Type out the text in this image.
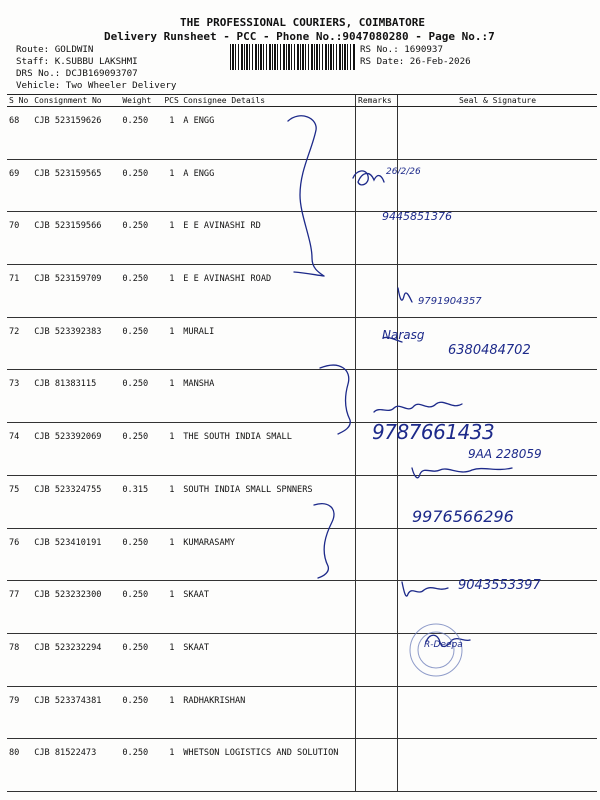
THE PROFESSIONAL COURIERS, COIMBATORE
Delivery Runsheet - PCC - Phone No.:9047080280 - Page No.:7
Route: GOLDWIN
Staff: K.SUBBU LAKSHMI
DRS No.: DCJB169093707
Vehicle: Two Wheeler Delivery
RS No.: 1690937
RS Date: 26-Feb-2026
S No	Consignment No	Weight	PCS	Consignee Details	Remarks	Seal & Signature
68	CJB 523159626	0.250	1	A ENGG		
69	CJB 523159565	0.250	1	A ENGG		
70	CJB 523159566	0.250	1	E E AVINASHI RD		
71	CJB 523159709	0.250	1	E E AVINASHI ROAD		
72	CJB 523392383	0.250	1	MURALI		
73	CJB 81383115	0.250	1	MANSHA		
74	CJB 523392069	0.250	1	THE SOUTH INDIA SMALL		
75	CJB 523324755	0.315	1	SOUTH INDIA SMALL SPNNERS		
76	CJB 523410191	0.250	1	KUMARASAMY		
77	CJB 523232300	0.250	1	SKAAT		
78	CJB 523232294	0.250	1	SKAAT		
79	CJB 523374381	0.250	1	RADHAKRISHAN		
80	CJB 81522473	0.250	1	WHETSON LOGISTICS AND SOLUTION		
26/2/26
9445851376
9791904357
Narasg
6380484702
9787661433
9AA 228059
9976566296
9043553397
R-Deepa
